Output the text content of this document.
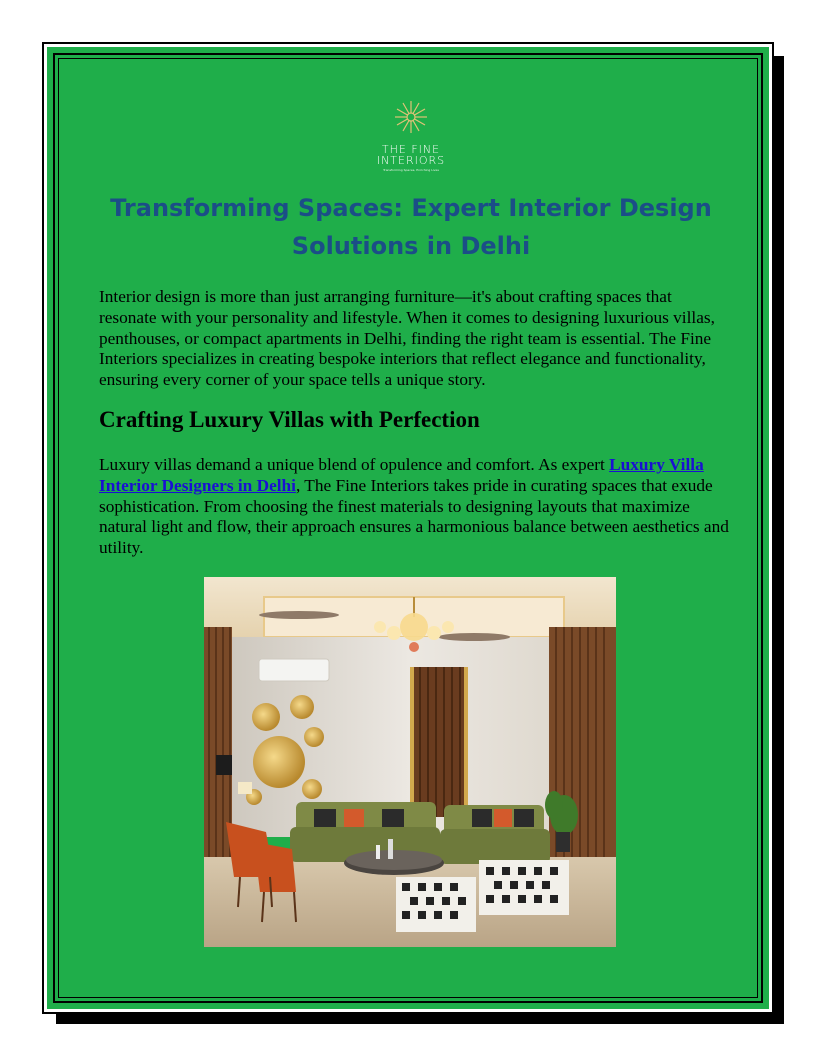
THE FINE INTERIORS
Transforming Spaces, Enriching Lives
Transforming Spaces: Expert Interior Design Solutions in Delhi

Interior design is more than just arranging furniture—it's about crafting spaces that resonate with your personality and lifestyle. When it comes to designing luxurious villas, penthouses, or compact apartments in Delhi, finding the right team is essential. The Fine Interiors specializes in creating bespoke interiors that reflect elegance and functionality, ensuring every corner of your space tells a unique story.

Crafting Luxury Villas with Perfection

Luxury villas demand a unique blend of opulence and comfort. As expert Luxury Villa Interior Designers in Delhi, The Fine Interiors takes pride in curating spaces that exude sophistication. From choosing the finest materials to designing layouts that maximize natural light and flow, their approach ensures a harmonious balance between aesthetics and utility.
